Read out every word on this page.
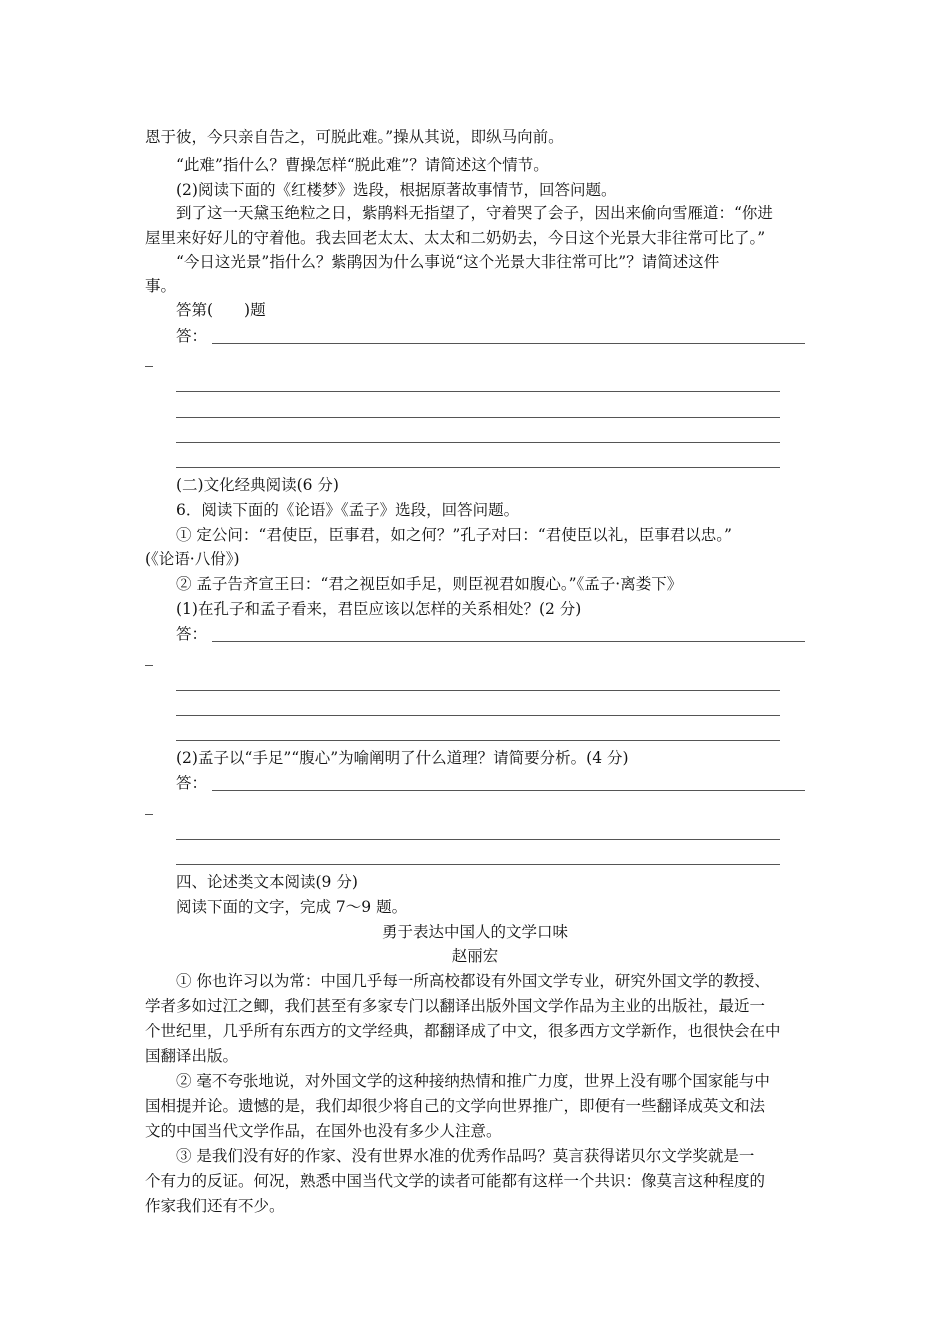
恩于彼，今只亲自告之，可脱此难。”操从其说，即纵马向前。
“此难”指什么？曹操怎样“脱此难”？请简述这个情节。
(2)阅读下面的《红楼梦》选段，根据原著故事情节，回答问题。
到了这一天黛玉绝粒之日，紫鹃料无指望了，守着哭了会子，因出来偷向雪雁道：“你进
屋里来好好儿的守着他。我去回老太太、太太和二奶奶去，今日这个光景大非往常可比了。”
“今日这光景”指什么？紫鹃因为什么事说“这个光景大非往常可比”？请简述这件
事。
答第(　　)题
答：
(二)文化经典阅读(6 分)
6．阅读下面的《论语》《孟子》选段，回答问题。
① 定公问：“君使臣，臣事君，如之何？”孔子对曰：“君使臣以礼，臣事君以忠。”
(《论语·八佾》)
② 孟子告齐宣王曰：“君之视臣如手足，则臣视君如腹心。”《孟子·离娄下》
(1)在孔子和孟子看来，君臣应该以怎样的关系相处？(2 分)
答：
(2)孟子以“手足”“腹心”为喻阐明了什么道理？请简要分析。(4 分)
答：
四、论述类文本阅读(9 分)
阅读下面的文字，完成 7～9 题。
勇于表达中国人的文学口味
赵丽宏
① 你也许习以为常：中国几乎每一所高校都设有外国文学专业，研究外国文学的教授、
学者多如过江之鲫，我们甚至有多家专门以翻译出版外国文学作品为主业的出版社，最近一
个世纪里，几乎所有东西方的文学经典，都翻译成了中文，很多西方文学新作，也很快会在中
国翻译出版。
② 毫不夸张地说，对外国文学的这种接纳热情和推广力度，世界上没有哪个国家能与中
国相提并论。遗憾的是，我们却很少将自己的文学向世界推广，即便有一些翻译成英文和法
文的中国当代文学作品，在国外也没有多少人注意。
③ 是我们没有好的作家、没有世界水准的优秀作品吗？莫言获得诺贝尔文学奖就是一
个有力的反证。何况，熟悉中国当代文学的读者可能都有这样一个共识：像莫言这种程度的
作家我们还有不少。
